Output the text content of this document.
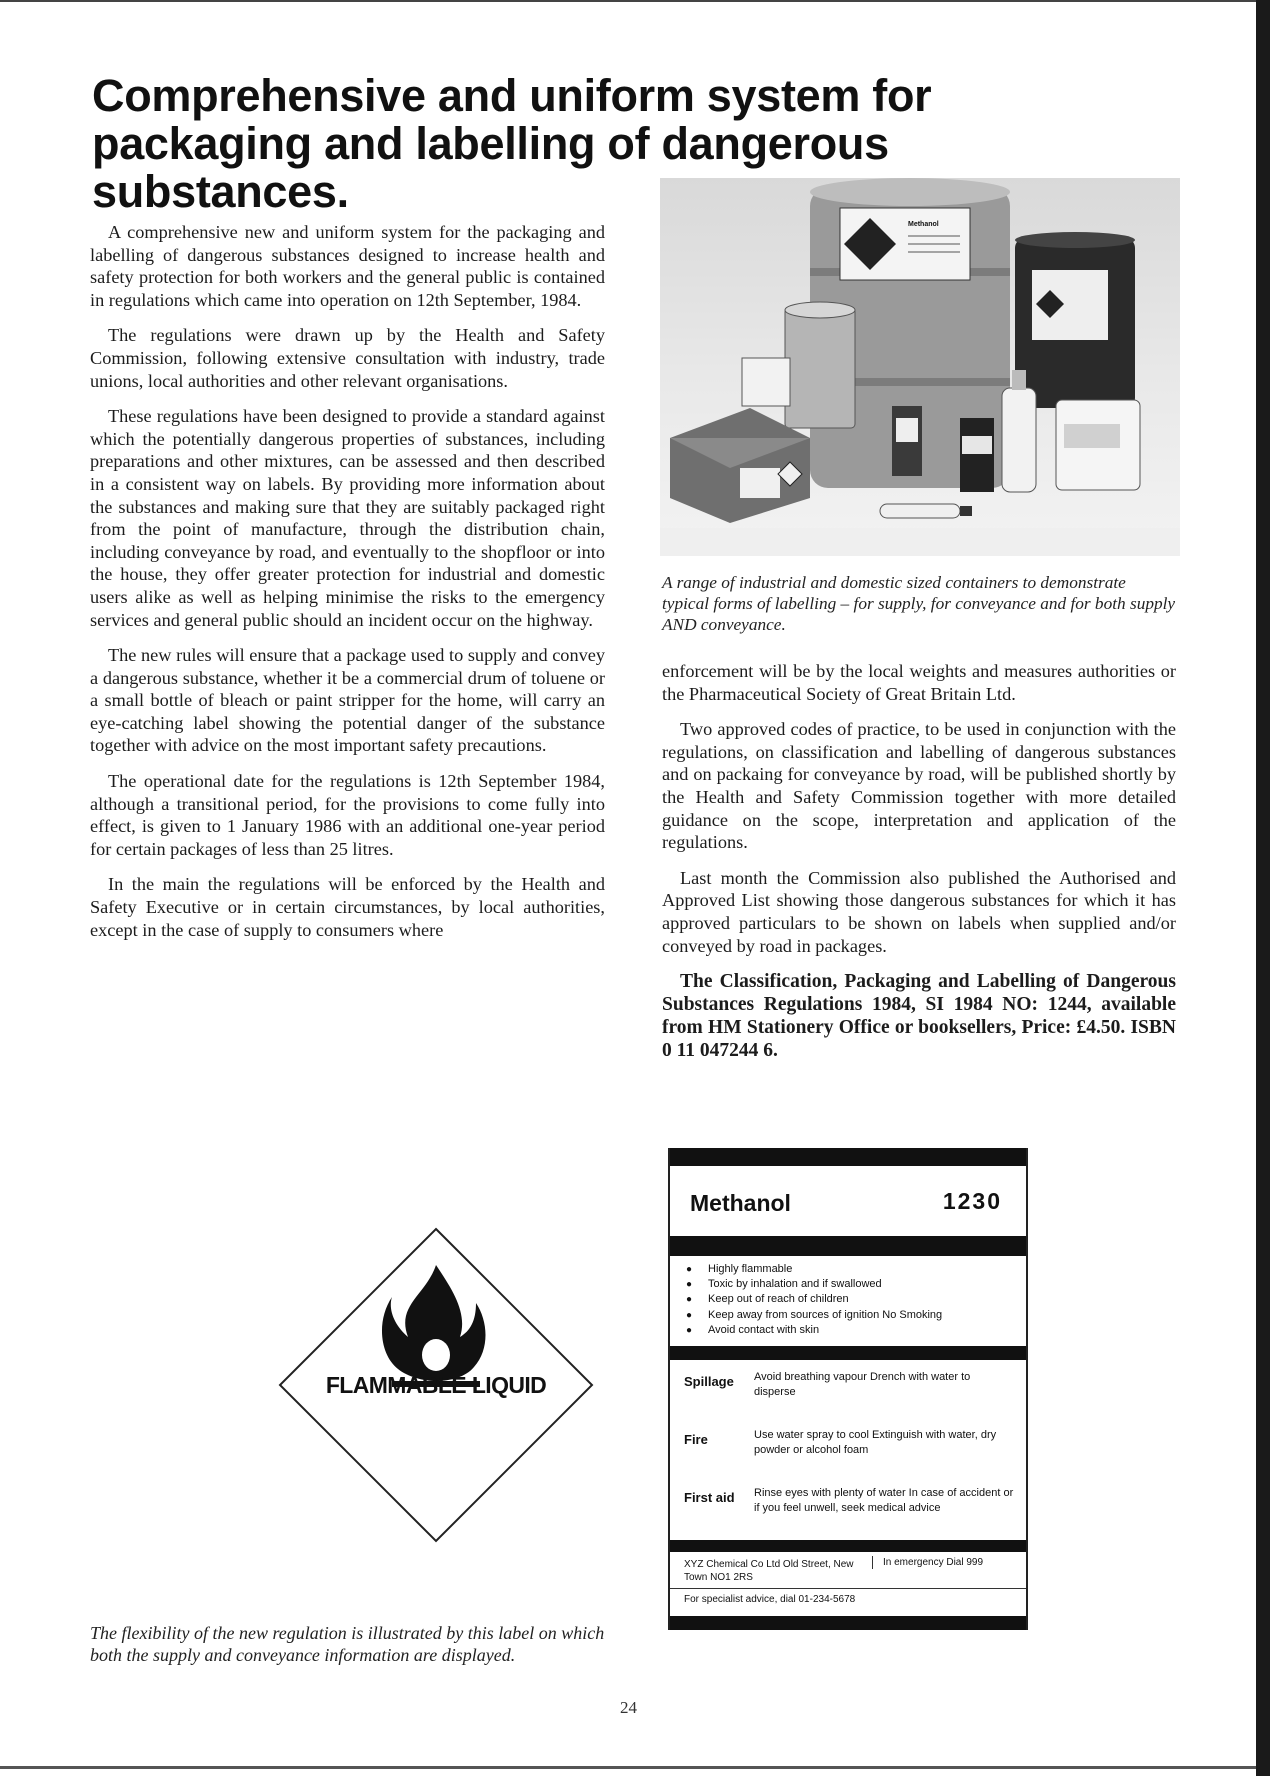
Comprehensive and uniform system for packaging and labelling of dangerous substances.

A comprehensive new and uniform system for the packaging and labelling of dangerous substances designed to increase health and safety protection for both workers and the general public is contained in regulations which came into operation on 12th September, 1984.

The regulations were drawn up by the Health and Safety Commission, following extensive consultation with industry, trade unions, local authorities and other relevant organisations.

These regulations have been designed to provide a standard against which the potentially dangerous properties of substances, including preparations and other mixtures, can be assessed and then described in a consistent way on labels. By providing more information about the substances and making sure that they are suitably packaged right from the point of manufacture, through the distribution chain, including conveyance by road, and eventually to the shopfloor or into the house, they offer greater protection for industrial and domestic users alike as well as helping minimise the risks to the emergency services and general public should an incident occur on the highway.

The new rules will ensure that a package used to supply and convey a dangerous substance, whether it be a commercial drum of toluene or a small bottle of bleach or paint stripper for the home, will carry an eye-catching label showing the potential danger of the substance together with advice on the most important safety precautions.

The operational date for the regulations is 12th September 1984, although a transitional period, for the provisions to come fully into effect, is given to 1 January 1986 with an additional one-year period for certain packages of less than 25 litres.

In the main the regulations will be enforced by the Health and Safety Executive or in certain circumstances, by local authorities, except in the case of supply to consumers where

Methanol
A range of industrial and domestic sized containers to demonstrate typical forms of labelling – for supply, for conveyance and for both supply AND conveyance.

enforcement will be by the local weights and measures authorities or the Pharmaceutical Society of Great Britain Ltd.

Two approved codes of practice, to be used in conjunction with the regulations, on classification and labelling of dangerous substances and on packaing for conveyance by road, will be published shortly by the Health and Safety Commission together with more detailed guidance on the scope, interpretation and application of the regulations.

Last month the Commission also published the Authorised and Approved List showing those dangerous substances for which it has approved particulars to be shown on labels when supplied and/or conveyed by road in packages.

The Classification, Packaging and Labelling of Dangerous Substances Regulations 1984, SI 1984 NO: 1244, available from HM Stationery Office or booksellers, Price: £4.50. ISBN 0 11 047244 6.

FLAMMABLE LIQUID
The flexibility of the new regulation is illustrated by this label on which both the supply and conveyance information are displayed.
Methanol	1230
● Highly flammable
● Toxic by inhalation and if swallowed
● Keep out of reach of children
● Keep away from sources of ignition No Smoking
● Avoid contact with skin
Spillage Avoid breathing vapour Drench with water to disperse
Fire	Use water spray to cool Extinguish with water, dry powder or alcohol foam
First aid Rinse eyes with plenty of water In case of accident or if you feel unwell, seek medical advice
XYZ Chemical Co Ltd Old Street, New Town NO1 2RS
In emergency Dial 999
For specialist advice, dial 01-234-5678
24
